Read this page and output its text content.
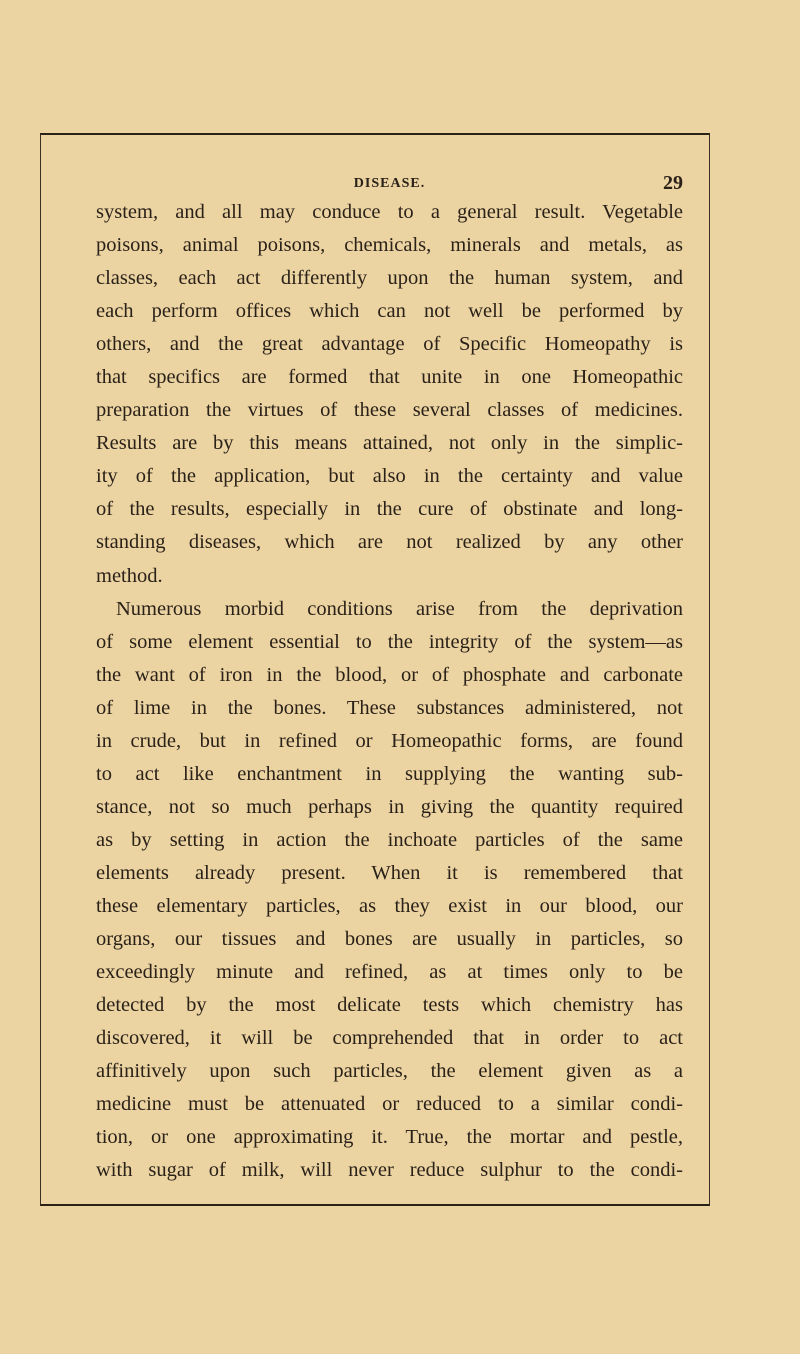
DISEASE.	29
system, and all may conduce to a general result. Vegetable
poisons, animal poisons, chemicals, minerals and metals, as
classes, each act differently upon the human system, and
each perform offices which can not well be performed by
others, and the great advantage of Specific Homeopathy is
that specifics are formed that unite in one Homeopathic
preparation the virtues of these several classes of medicines.
Results are by this means attained, not only in the simplic-
ity of the application, but also in the certainty and value
of the results, especially in the cure of obstinate and long-
standing diseases, which are not realized by any other
method.
Numerous morbid conditions arise from the deprivation
of some element essential to the integrity of the system—as
the want of iron in the blood, or of phosphate and carbonate
of lime in the bones. These substances administered, not
in crude, but in refined or Homeopathic forms, are found
to act like enchantment in supplying the wanting sub-
stance, not so much perhaps in giving the quantity required
as by setting in action the inchoate particles of the same
elements already present. When it is remembered that
these elementary particles, as they exist in our blood, our
organs, our tissues and bones are usually in particles, so
exceedingly minute and refined, as at times only to be
detected by the most delicate tests which chemistry has
discovered, it will be comprehended that in order to act
affinitively upon such particles, the element given as a
medicine must be attenuated or reduced to a similar condi-
tion, or one approximating it. True, the mortar and pestle,
with sugar of milk, will never reduce sulphur to the condi-
